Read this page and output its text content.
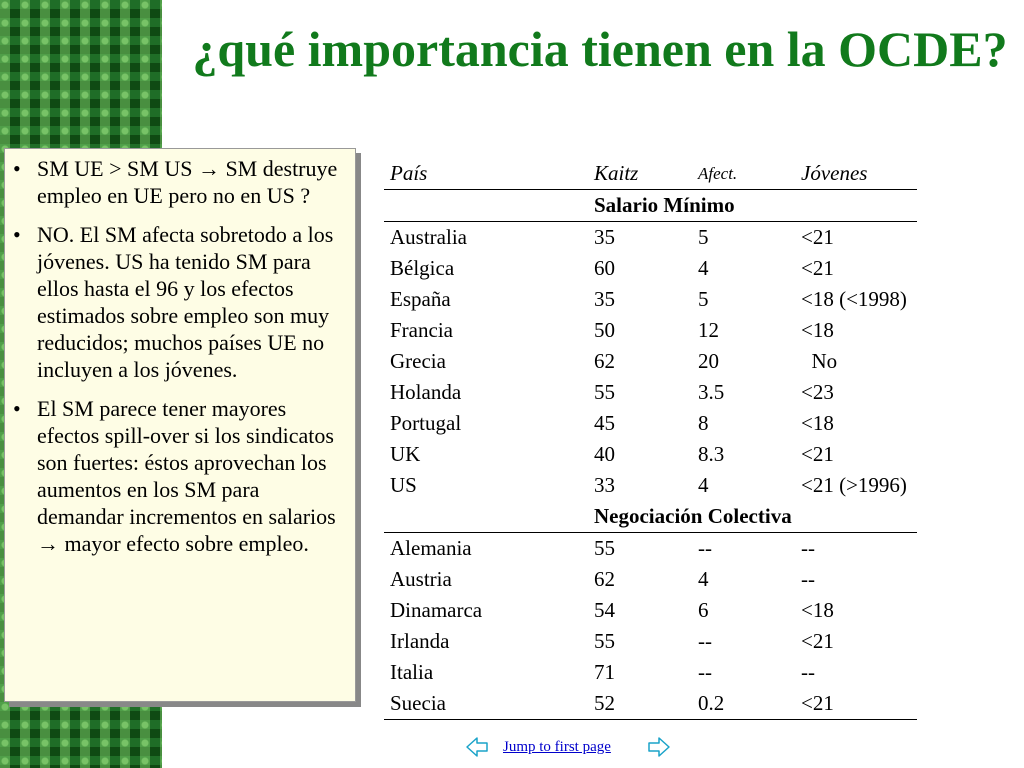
¿qué importancia tienen en la OCDE?
• SM UE > SM US → SM destruye empleo en UE pero no en US ?
• NO. El SM afecta sobretodo a los jóvenes. US ha tenido SM para ellos hasta el 96 y los efectos estimados sobre empleo son muy reducidos; muchos países UE no incluyen a los jóvenes.
• El SM parece tener mayores efectos spill-over si los sindicatos son fuertes: éstos aprovechan los aumentos en los SM para demandar incrementos en salarios → mayor efecto sobre empleo.
País	Kaitz	Afect.	Jóvenes
	Salario Mínimo		
Australia	35	5	<21
Bélgica	60	4	<21
España	35	5	<18 (<1998)
Francia	50	12	<18
Grecia	62	20	No
Holanda	55	3.5	<23
Portugal	45	8	<18
UK	40	8.3	<21
US	33	4	<21 (>1996)
	Negociación Colectiva		
Alemania	55	--	--
Austria	62	4	--
Dinamarca	54	6	<18
Irlanda	55	--	<21
Italia	71	--	--
Suecia	52	0.2	<21
Jump to first page
